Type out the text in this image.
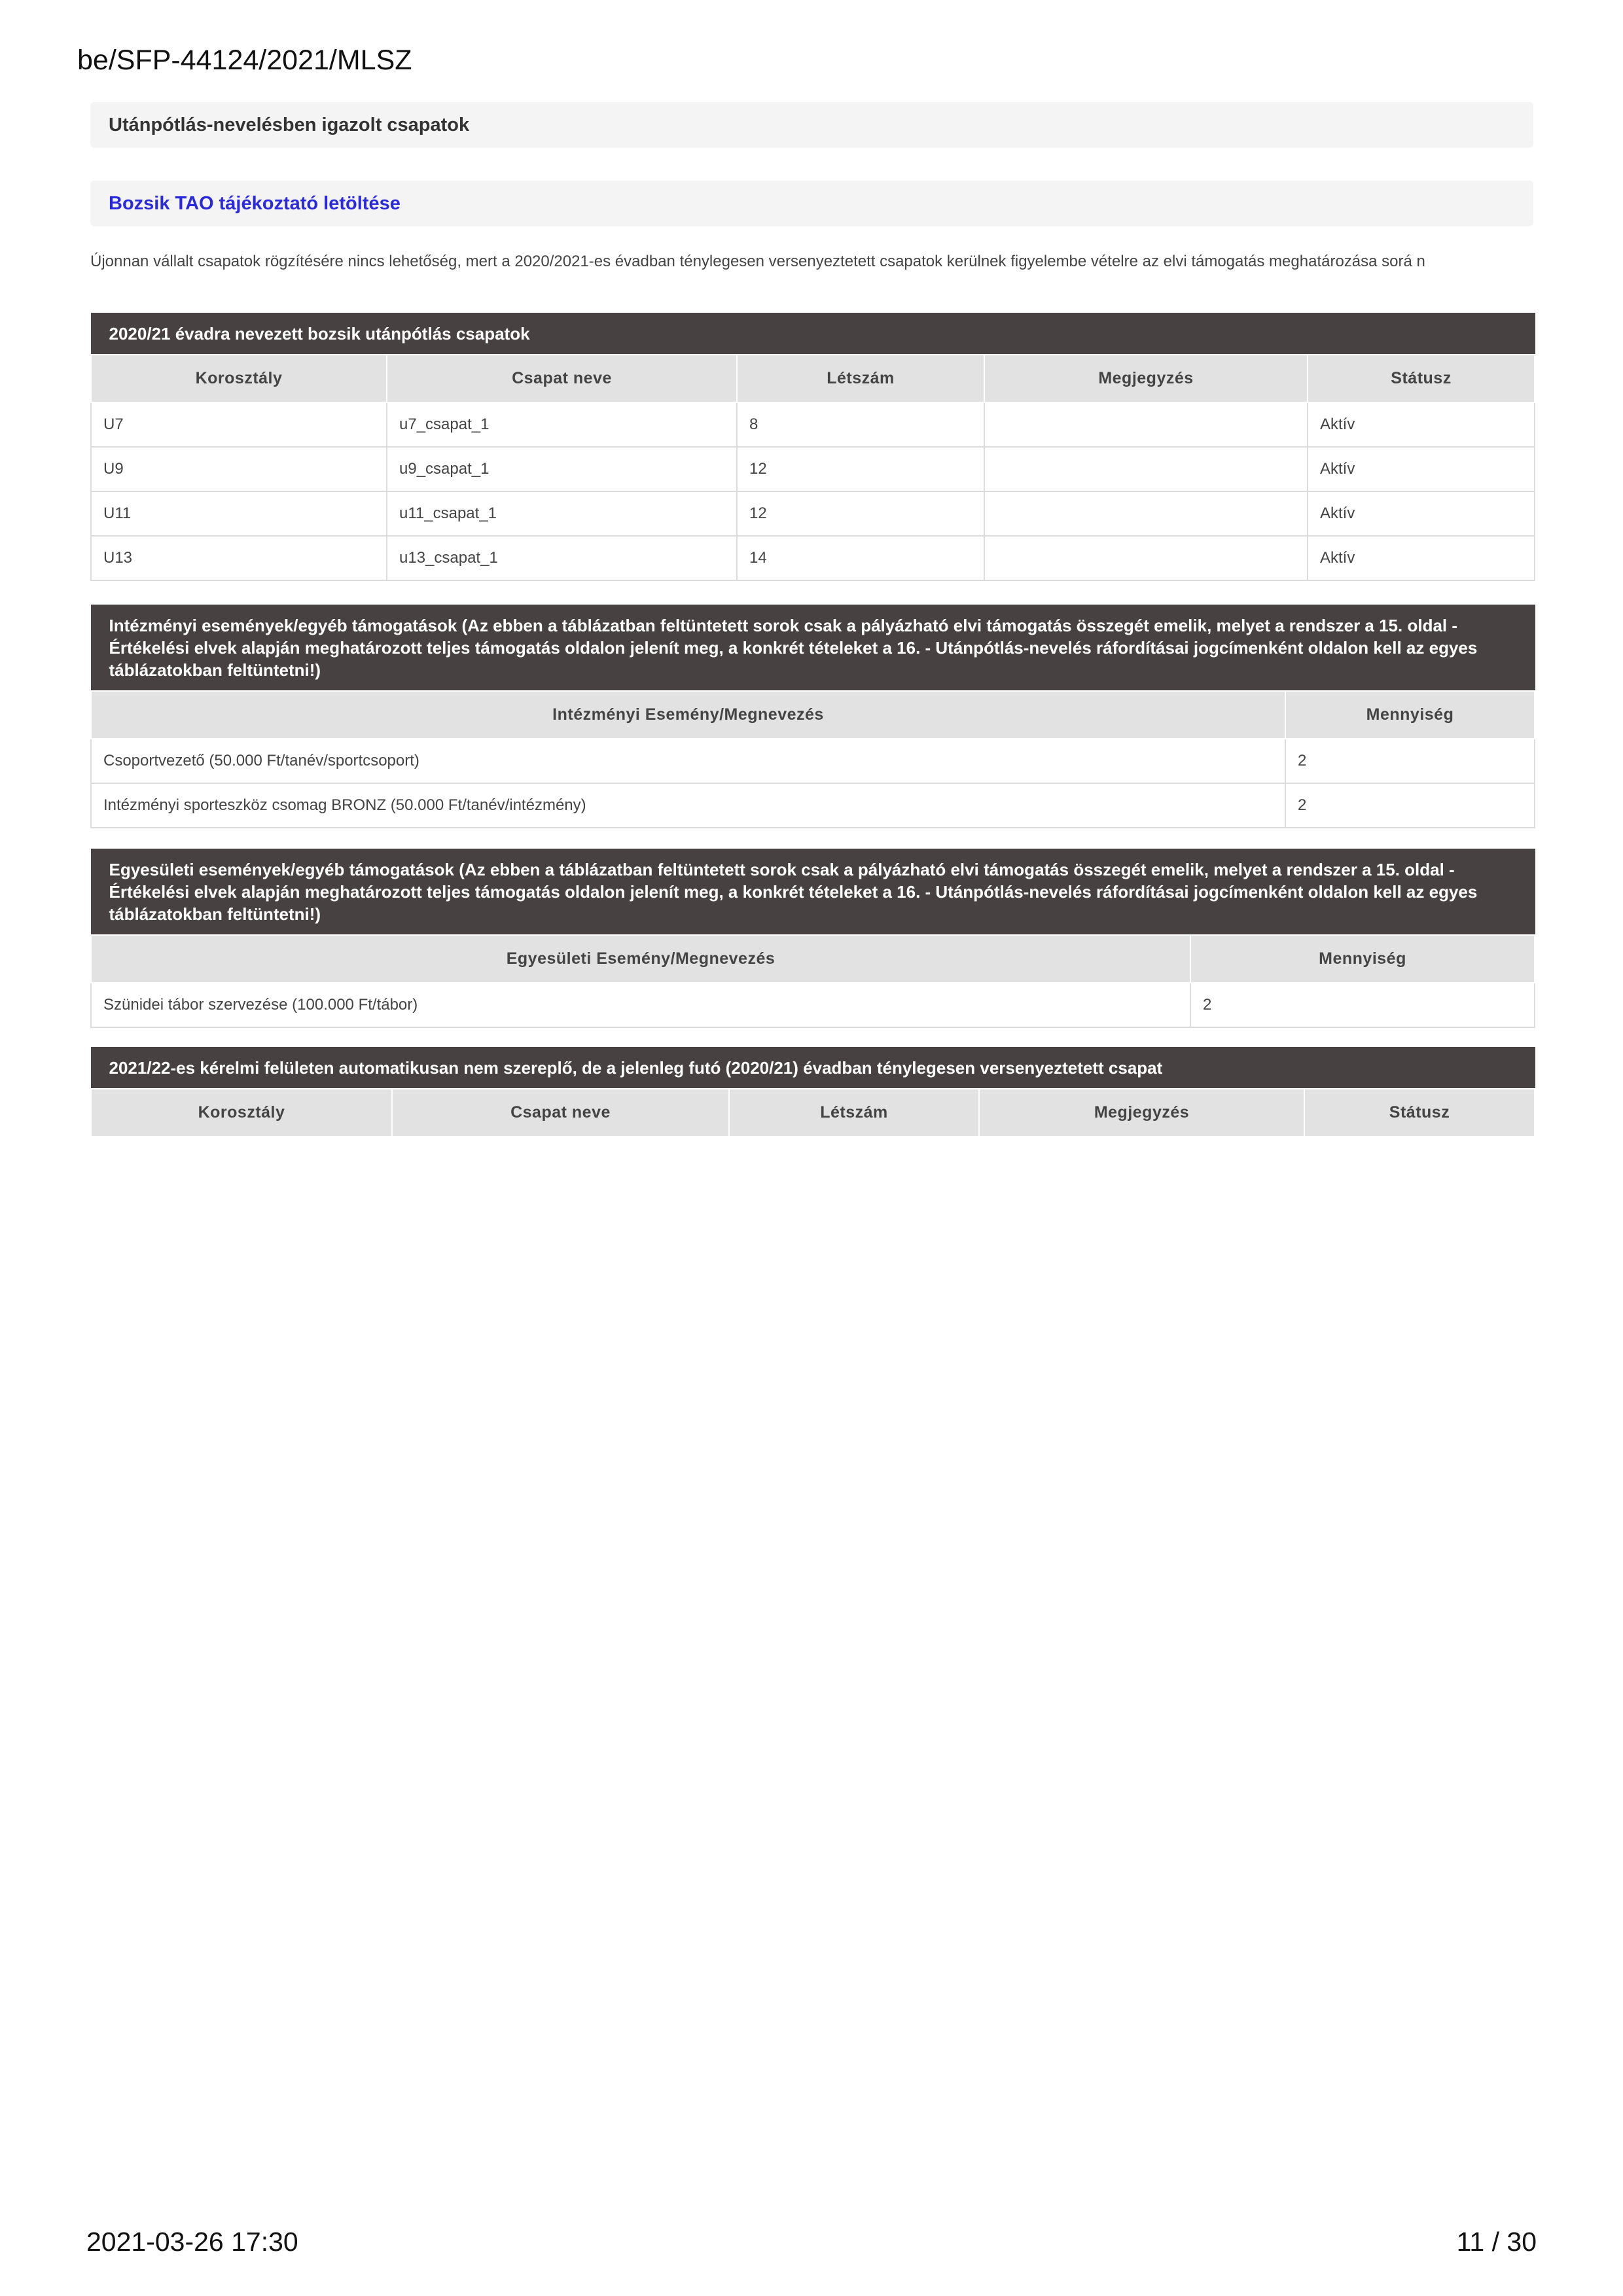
be/SFP-44124/2021/MLSZ
Utánpótlás-nevelésben igazolt csapatok
Bozsik TAO tájékoztató letöltése
Újonnan vállalt csapatok rögzítésére nincs lehetőség, mert a 2020/2021-es évadban ténylegesen versenyeztetett csapatok kerülnek figyelembe vételre az elvi támogatás meghatározása sorá n
2020/21 évadra nevezett bozsik utánpótlás csapatok				
Korosztály	Csapat neve	Létszám	Megjegyzés	Státusz
U7	u7_csapat_1	8		Aktív
U9	u9_csapat_1	12		Aktív
U11	u11_csapat_1	12		Aktív
U13	u13_csapat_1	14		Aktív
Intézményi események/egyéb támogatások (Az ebben a táblázatban feltüntetett sorok csak a pályázható elvi támogatás összegét emelik, melyet a rendszer a 15. oldal - Értékelési elvek alapján meghatározott teljes támogatás oldalon jelenít meg, a konkrét tételeket a 16. - Utánpótlás-nevelés ráfordításai jogcímenként oldalon kell az egyes táblázatokban feltüntetni!)	
Intézményi Esemény/Megnevezés	Mennyiség
Csoportvezető (50.000 Ft/tanév/sportcsoport)	2
Intézményi sporteszköz csomag BRONZ (50.000 Ft/tanév/intézmény)	2
Egyesületi események/egyéb támogatások (Az ebben a táblázatban feltüntetett sorok csak a pályázható elvi támogatás összegét emelik, melyet a rendszer a 15. oldal - Értékelési elvek alapján meghatározott teljes támogatás oldalon jelenít meg, a konkrét tételeket a 16. - Utánpótlás-nevelés ráfordításai jogcímenként oldalon kell az egyes táblázatokban feltüntetni!)	
Egyesületi Esemény/Megnevezés	Mennyiség
Szünidei tábor szervezése (100.000 Ft/tábor)	2
2021/22-es kérelmi felületen automatikusan nem szereplő, de a jelenleg futó (2020/21) évadban ténylegesen versenyeztetett csapat
Korosztály	Csapat neve	Létszám	Megjegyzés	Státusz
2021-03-26 17:30	11 / 30
